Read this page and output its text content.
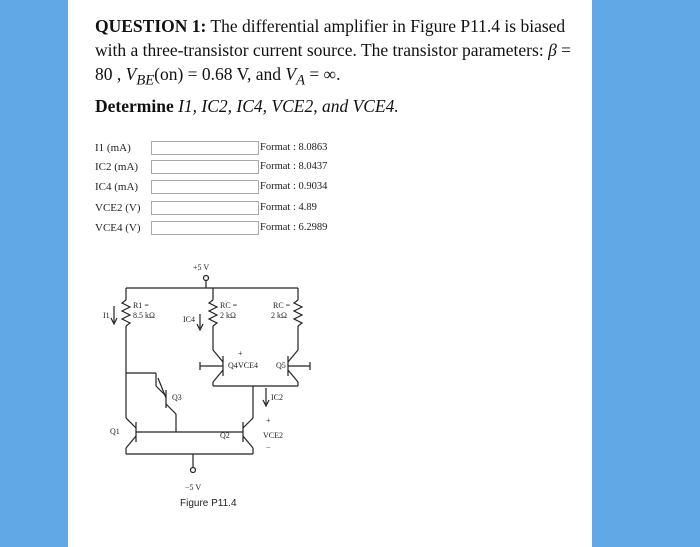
QUESTION 1: The differential amplifier in Figure P11.4 is biased with a three-transistor current source. The transistor parameters: β = 80 , $V_{BE}(on) = 0.68$ V, and $V_A$ = ∞.
Determine I1, IC2, IC4, VCE2, and VCE4.
I1 (mA)	Format : 8.0863
IC2 (mA)	Format : 8.0437
IC4 (mA)	Format : 0.9034
VCE2 (V)	Format : 4.89
VCE4 (V)	Format : 6.2989
+5 V
−5 V
R1 =
8.5 kΩ
RC =
2 kΩ
RC =
2 kΩ
I1	IC4
IC2
Q1	Q2
Q3
Q4	Q5
VCE4
+
VCE2
+
−
Figure P11.4
